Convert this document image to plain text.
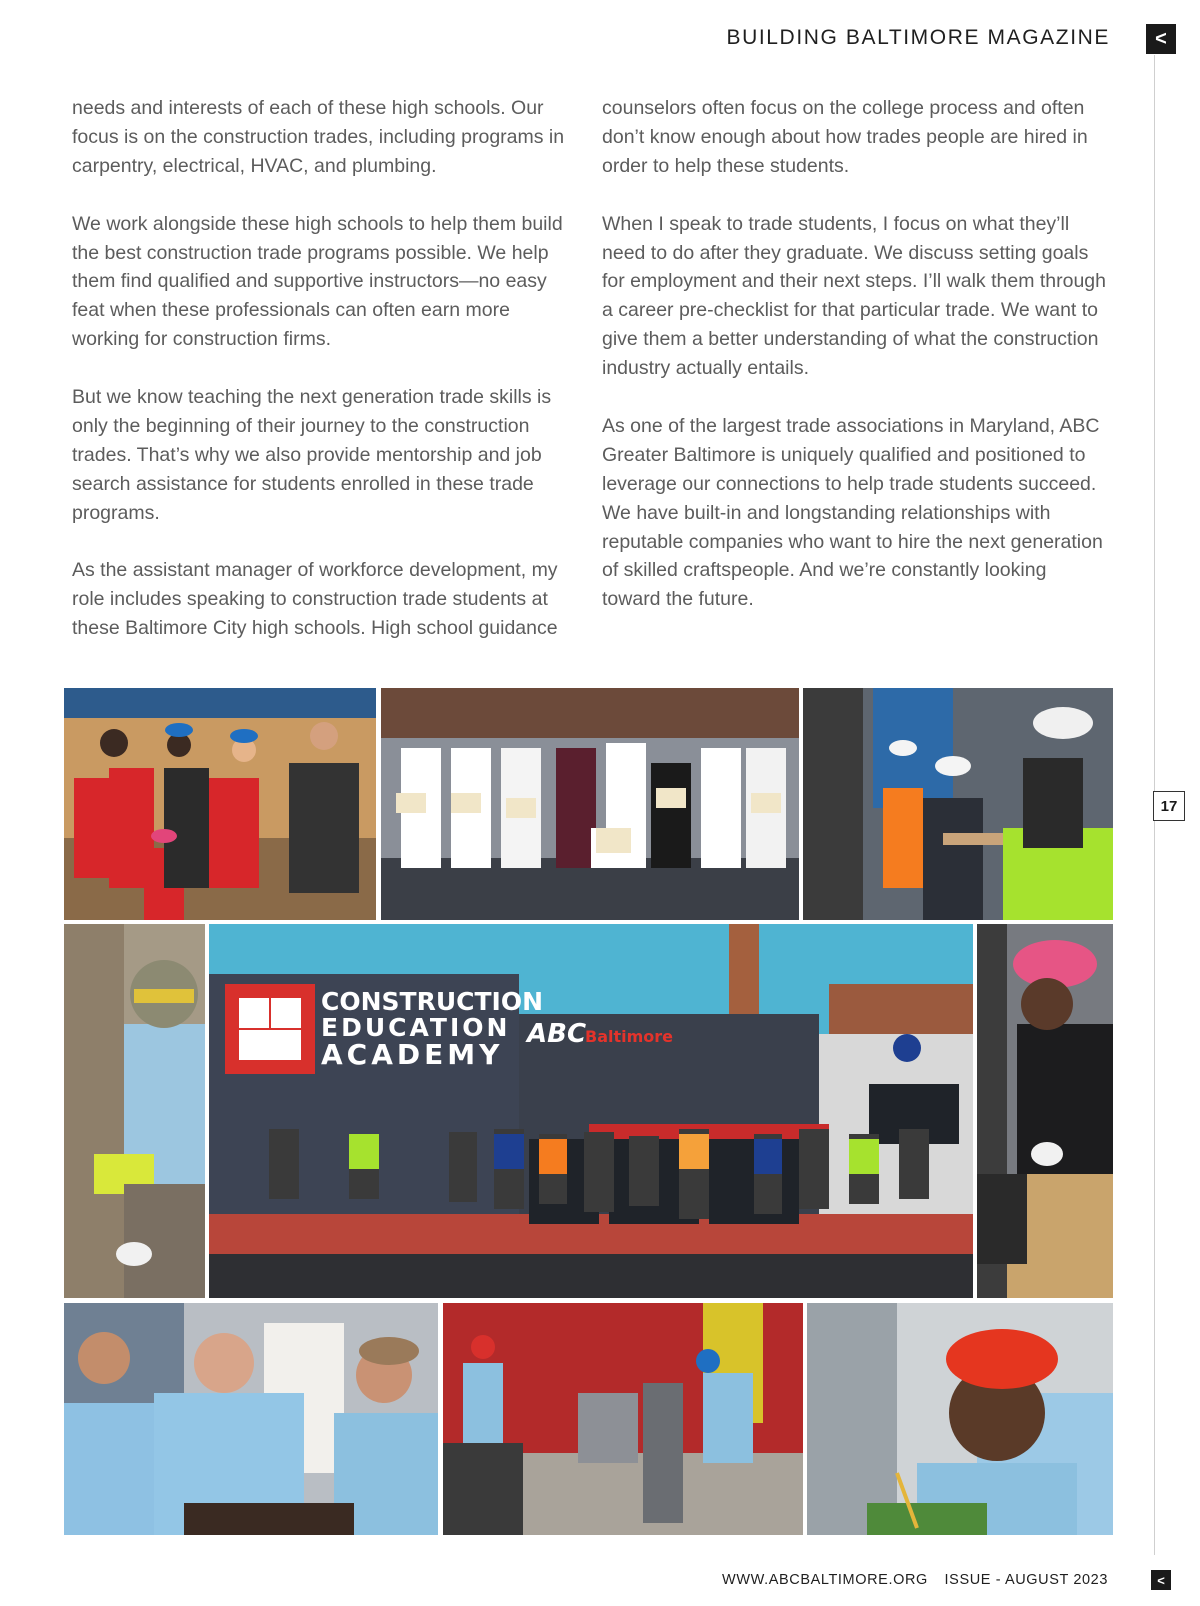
BUILDING BALTIMORE MAGAZINE <
17

needs and interests of each of these high schools. Our focus is on the construction trades, including programs in carpentry, electrical, HVAC, and plumbing.

We work alongside these high schools to help them build the best construction trade programs possible. We help them find qualified and supportive instructors—no easy feat when these professionals can often earn more working for construction firms.

But we know teaching the next generation trade skills is only the beginning of their journey to the construction trades. That’s why we also provide mentorship and job search assistance for students enrolled in these trade programs.

As the assistant manager of workforce development, my role includes speaking to construction trade students at these Baltimore City high schools. High school guidance

counselors often focus on the college process and often don’t know enough about how trades people are hired in order to help these students.

When I speak to trade students, I focus on what they’ll need to do after they graduate. We discuss setting goals for employment and their next steps. I’ll walk them through a career pre-checklist for that particular trade. We want to give them a better understanding of what the construction industry actually entails.

As one of the largest trade associations in Maryland, ABC Greater Baltimore is uniquely qualified and positioned to leverage our connections to help trade students succeed. We have built-in and longstanding relationships with reputable companies who want to hire the next generation of skilled craftspeople. And we’re constantly looking toward the future.

CONSTRUCTION
EDUCATION
ACADEMY
ABC
Baltimore
WWW.ABCBALTIMORE.ORG ISSUE - AUGUST 2023	<
